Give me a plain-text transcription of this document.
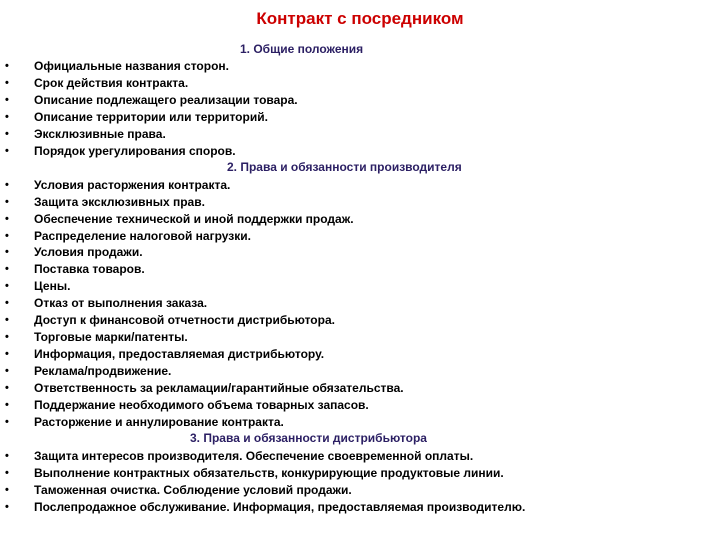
Контракт с посредником
1. Общие положения
• Официальные названия сторон.
• Срок действия контракта.
• Описание подлежащего реализации товара.
• Описание территории или территорий.
• Эксклюзивные права.
• Порядок урегулирования споров.
2. Права и обязанности производителя
• Условия расторжения контракта.
• Защита эксклюзивных прав.
• Обеспечение технической и иной поддержки продаж.
• Распределение налоговой нагрузки.
• Условия продажи.
• Поставка товаров.
• Цены.
• Отказ от выполнения заказа.
• Доступ к финансовой отчетности дистрибьютора.
• Торговые марки/патенты.
• Информация, предоставляемая дистрибьютору.
• Реклама/продвижение.
• Ответственность за рекламации/гарантийные обязательства.
• Поддержание необходимого объема товарных запасов.
• Расторжение и аннулирование контракта.
3. Права и обязанности дистрибьютора
• Защита интересов производителя. Обеспечение своевременной оплаты.
• Выполнение контрактных обязательств, конкурирующие продуктовые линии.
• Таможенная очистка. Соблюдение условий продажи.
• Послепродажное обслуживание. Информация, предоставляемая производителю.
